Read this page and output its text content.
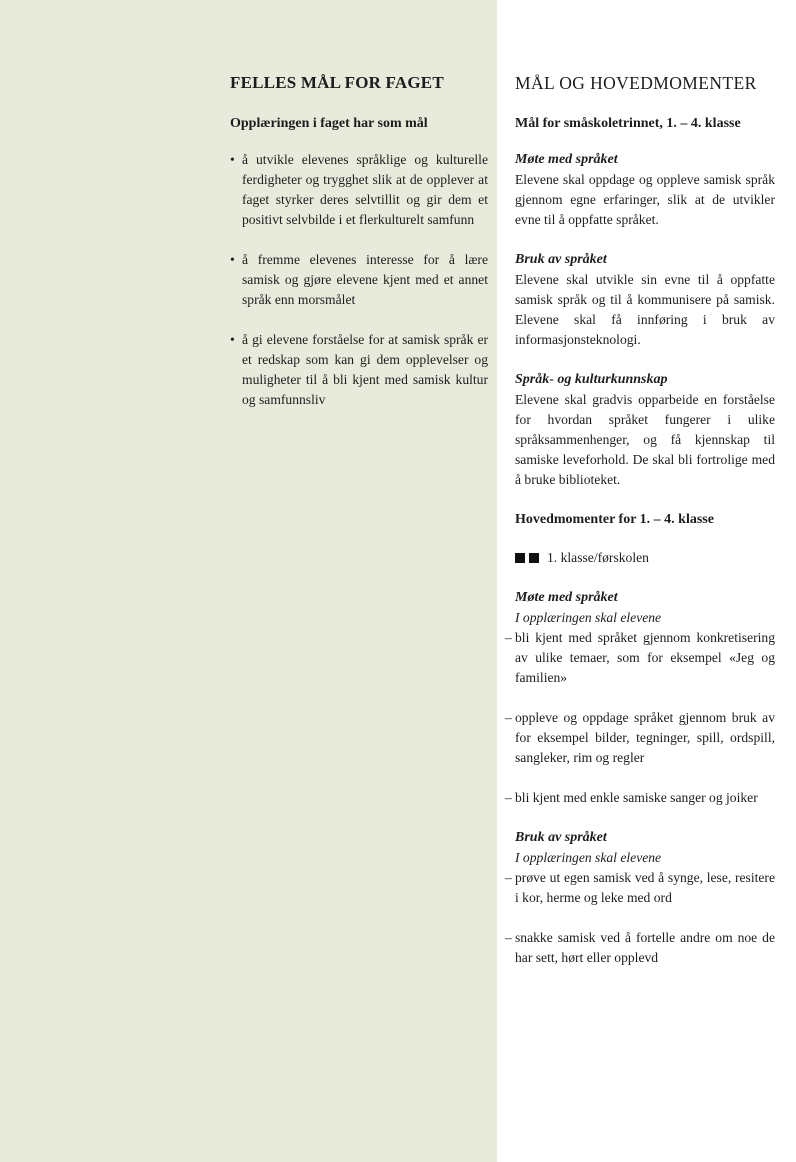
FELLES MÅL FOR FAGET

Opplæringen i faget har som mål

• å utvikle elevenes språklige og kulturelle ferdigheter og trygghet slik at de opplever at faget styrker deres selvtillit og gir dem et positivt selvbilde i et flerkulturelt samfunn
• å fremme elevenes interesse for å lære samisk og gjøre elevene kjent med et annet språk enn morsmålet
• å gi elevene forståelse for at samisk språk er et redskap som kan gi dem opplevelser og muligheter til å bli kjent med samisk kultur og samfunnsliv
MÅL OG HOVEDMOMENTER

Mål for småskoletrinnet, 1. – 4. klasse

Møte med språket

Elevene skal oppdage og oppleve samisk språk gjennom egne erfaringer, slik at de utvikler evne til å oppfatte språket.

Bruk av språket

Elevene skal utvikle sin evne til å oppfatte samisk språk og til å kommunisere på samisk. Elevene skal få innføring i bruk av informasjonsteknologi.

Språk- og kulturkunnskap

Elevene skal gradvis opparbeide en forståelse for hvordan språket fungerer i ulike språksammenhenger, og få kjennskap til samiske leveforhold. De skal bli fortrolige med å bruke biblioteket.

Hovedmomenter for 1. – 4. klasse

1. klasse/førskolen

Møte med språket

I opplæringen skal elevene

– bli kjent med språket gjennom konkretisering av ulike temaer, som for eksempel «Jeg og familien»
– oppleve og oppdage språket gjennom bruk av for eksempel bilder, tegninger, spill, ordspill, sangleker, rim og regler
– bli kjent med enkle samiske sanger og joiker

Bruk av språket

I opplæringen skal elevene

– prøve ut egen samisk ved å synge, lese, resitere i kor, herme og leke med ord
– snakke samisk ved å fortelle andre om noe de har sett, hørt eller opplevd
